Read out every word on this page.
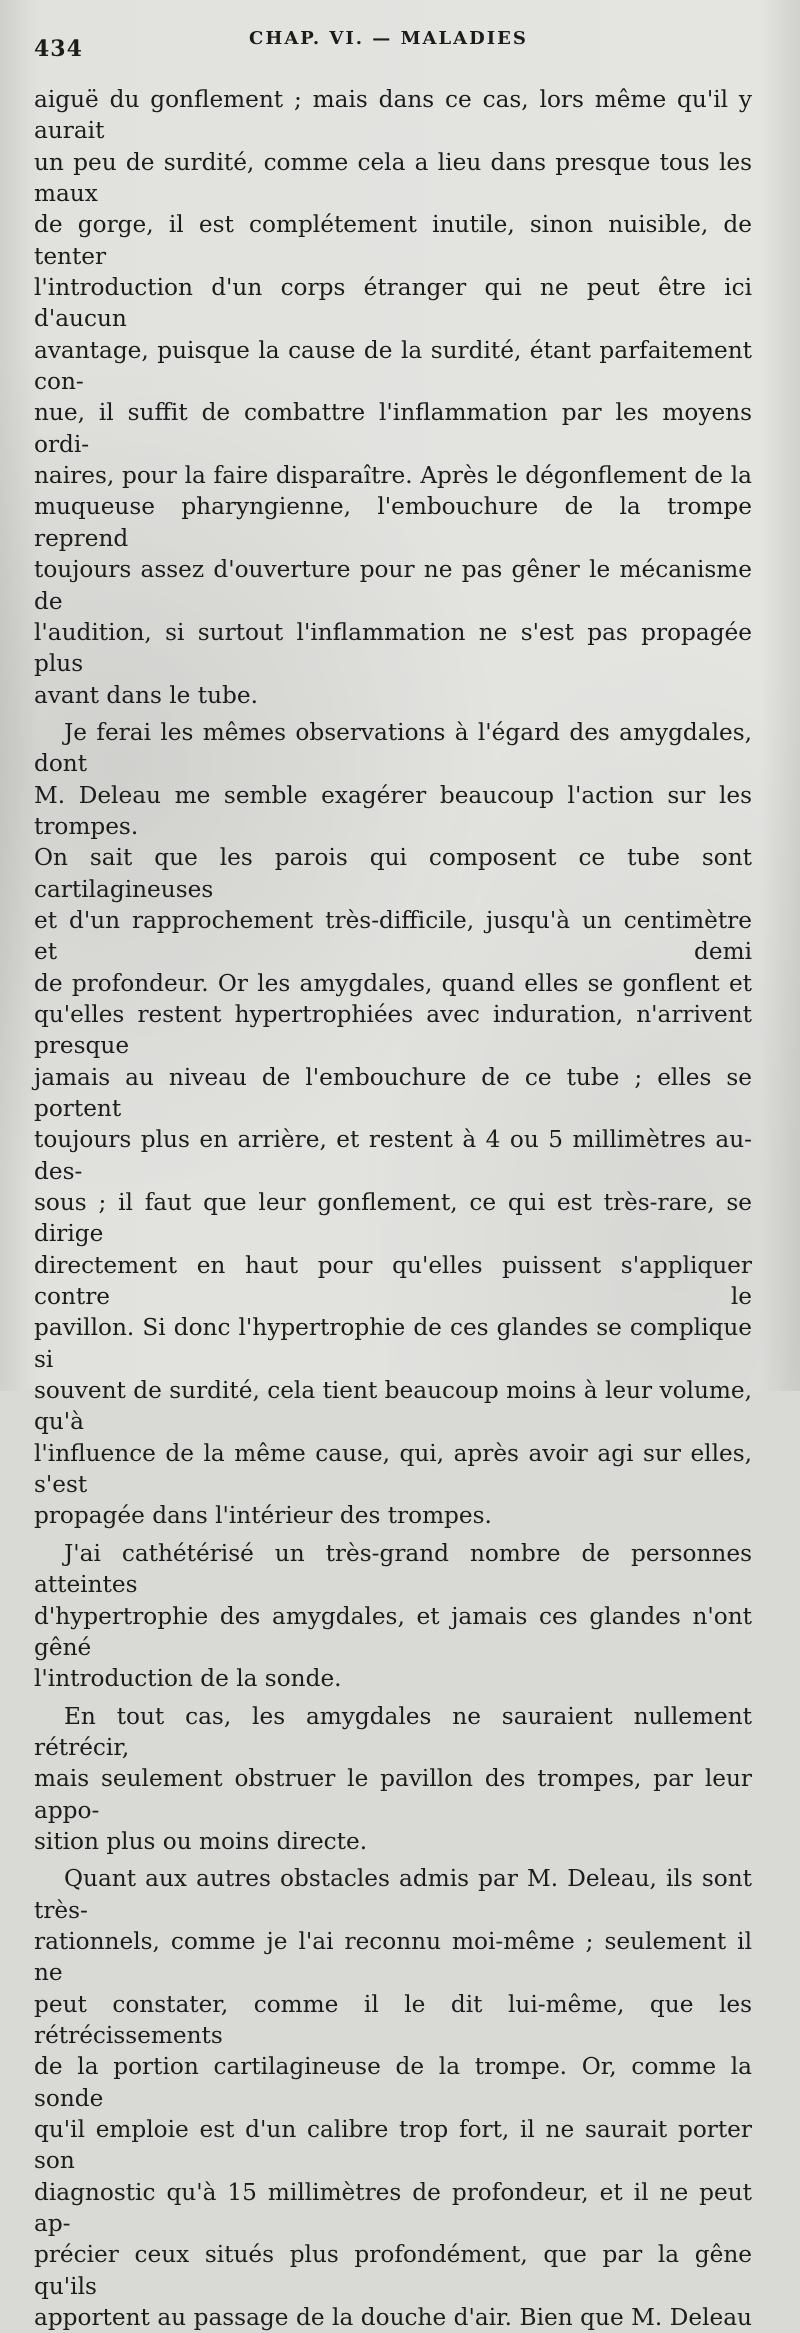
434	CHAP. VI. — MALADIES

aiguë du gonflement ; mais dans ce cas, lors même qu'il y aurait

un peu de surdité, comme cela a lieu dans presque tous les maux

de gorge, il est complétement inutile, sinon nuisible, de tenter

l'introduction d'un corps étranger qui ne peut être ici d'aucun

avantage, puisque la cause de la surdité, étant parfaitement con-

nue, il suffit de combattre l'inflammation par les moyens ordi-

naires, pour la faire disparaître. Après le dégonflement de la

muqueuse pharyngienne, l'embouchure de la trompe reprend

toujours assez d'ouverture pour ne pas gêner le mécanisme de

l'audition, si surtout l'inflammation ne s'est pas propagée plus

avant dans le tube.

Je ferai les mêmes observations à l'égard des amygdales, dont

M. Deleau me semble exagérer beaucoup l'action sur les trompes.

On sait que les parois qui composent ce tube sont cartilagineuses

et d'un rapprochement très-difficile, jusqu'à un centimètre et demi

de profondeur. Or les amygdales, quand elles se gonflent et

qu'elles restent hypertrophiées avec induration, n'arrivent presque

jamais au niveau de l'embouchure de ce tube ; elles se portent

toujours plus en arrière, et restent à 4 ou 5 millimètres au-des-

sous ; il faut que leur gonflement, ce qui est très-rare, se dirige

directement en haut pour qu'elles puissent s'appliquer contre le

pavillon. Si donc l'hypertrophie de ces glandes se complique si

souvent de surdité, cela tient beaucoup moins à leur volume, qu'à

l'influence de la même cause, qui, après avoir agi sur elles, s'est

propagée dans l'intérieur des trompes.

J'ai cathétérisé un très-grand nombre de personnes atteintes

d'hypertrophie des amygdales, et jamais ces glandes n'ont gêné

l'introduction de la sonde.

En tout cas, les amygdales ne sauraient nullement rétrécir,

mais seulement obstruer le pavillon des trompes, par leur appo-

sition plus ou moins directe.

Quant aux autres obstacles admis par M. Deleau, ils sont très-

rationnels, comme je l'ai reconnu moi-même ; seulement il ne

peut constater, comme il le dit lui-même, que les rétrécissements

de la portion cartilagineuse de la trompe. Or, comme la sonde

qu'il emploie est d'un calibre trop fort, il ne saurait porter son

diagnostic qu'à 15 millimètres de profondeur, et il ne peut ap-

précier ceux situés plus profondément, que par la gêne qu'ils

apportent au passage de la douche d'air. Bien que M. Deleau
